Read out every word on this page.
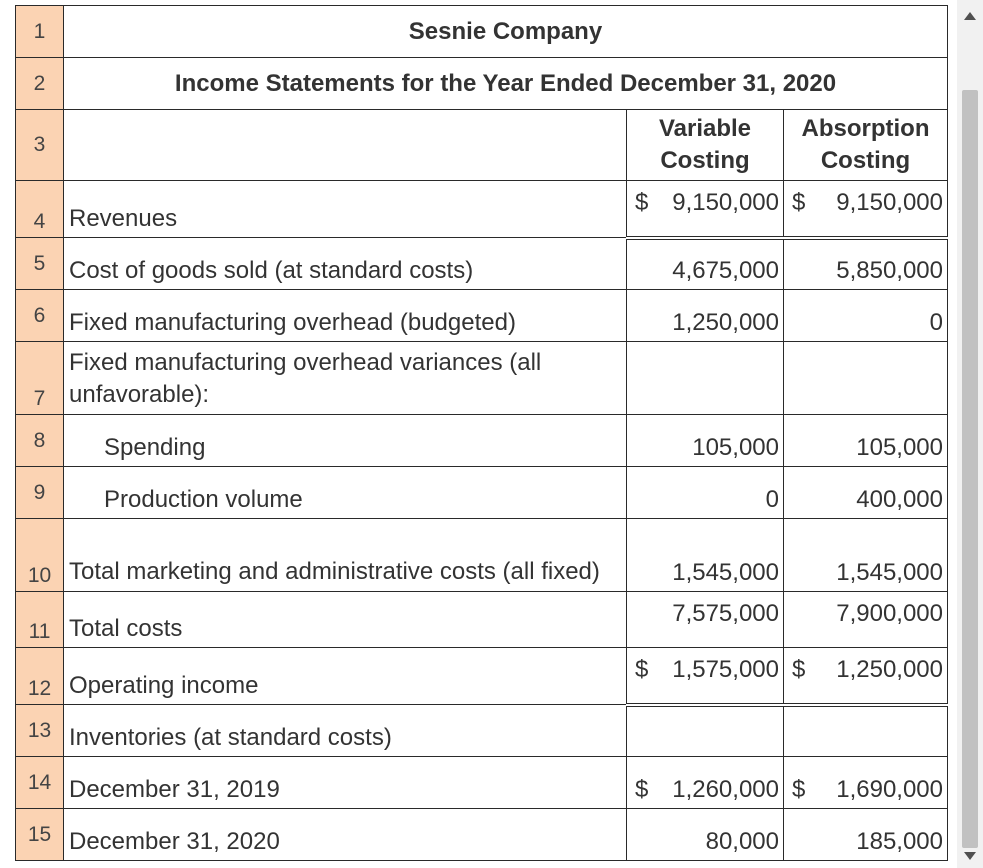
1	Sesnie Company		
2	Income Statements for the Year Ended December 31, 2020		
3		Variable Costing	Absorption Costing
4	Revenues	$ 9,150,000	$ 9,150,000

5	Cost of goods sold (at standard costs)	4,675,000	5,850,000
6	Fixed manufacturing overhead (budgeted)	1,250,000	0
7	Fixed manufacturing overhead variances (all unfavorable):		
8	Spending	105,000	105,000
9	Production volume	0	400,000
10	Total marketing and administrative costs (all fixed)	1,545,000	1,545,000
11	Total costs	7,575,000	7,900,000
12	Operating income	$ 1,575,000	$ 1,250,000

13	Inventories (at standard costs)		
14	December 31, 2019	$ 1,260,000	$ 1,690,000

15	December 31, 2020	80,000	185,000
